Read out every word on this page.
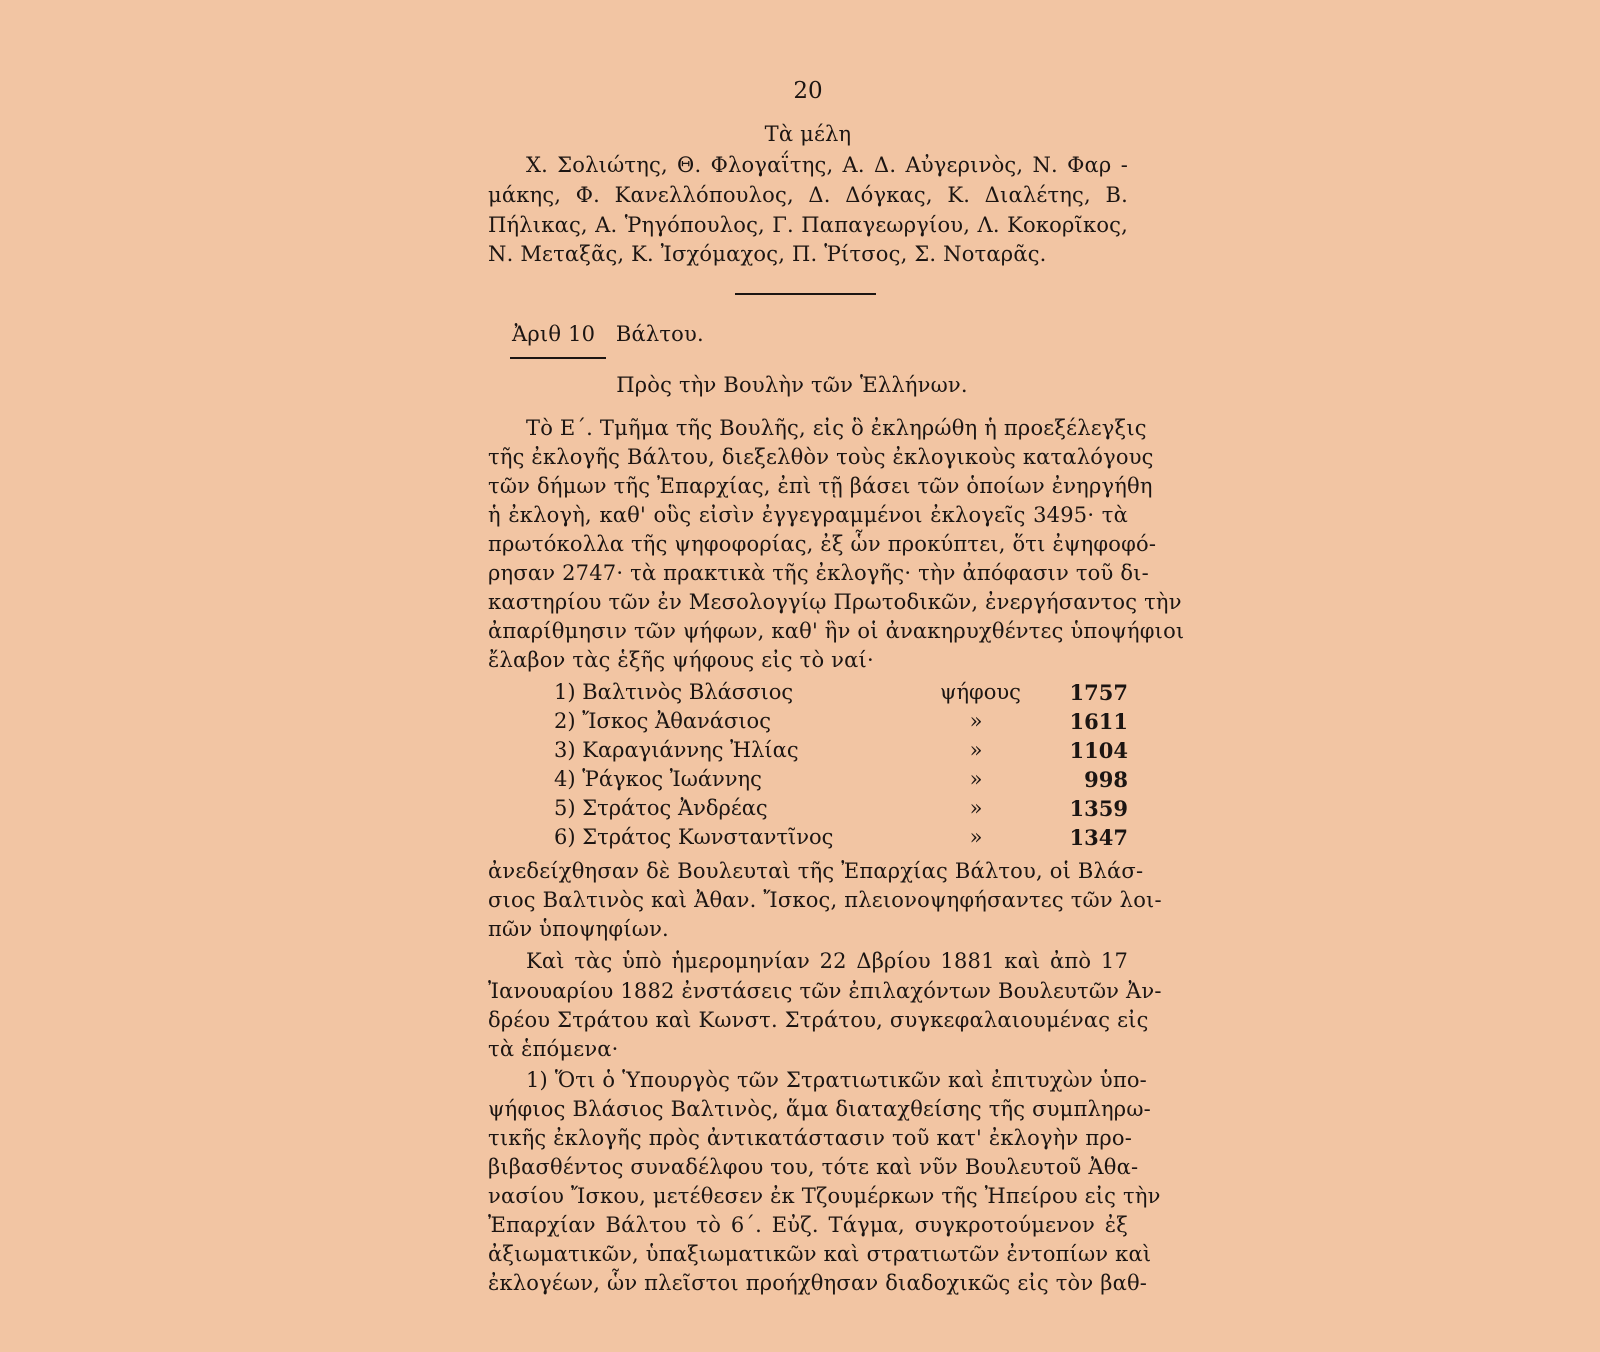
20
Τὰ μέλη
Χ. Σολιώτης, Θ. Φλογαΐτης, Α. Δ. Αὐγερινὸς, Ν. Φαρ -
μάκης, Φ. Κανελλόπουλος, Δ. Δόγκας, Κ. Διαλέτης, Β.
Πήλικας, Α. Ῥηγόπουλος, Γ. Παπαγεωργίου, Λ. Κοκορῖκος,
Ν. Μεταξᾶς, Κ. Ἰσχόμαχος, Π. Ῥίτσος, Σ. Νοταρᾶς.
Ἀριθ 10 Βάλτου.
Πρὸς τὴν Βουλὴν τῶν Ἑλλήνων.
Τὸ Ε΄. Τμῆμα τῆς Βουλῆς, εἰς ὃ ἐκληρώθη ἡ προεξέλεγξις
τῆς ἐκλογῆς Βάλτου, διεξελθὸν τοὺς ἐκλογικοὺς καταλόγους
τῶν δήμων τῆς Ἐπαρχίας, ἐπὶ τῇ βάσει τῶν ὁποίων ἐνηργήθη
ἡ ἐκλογὴ, καθ' οὓς εἰσὶν ἐγγεγραμμένοι ἐκλογεῖς 3495· τὰ
πρωτόκολλα τῆς ψηφοφορίας, ἐξ ὧν προκύπτει, ὅτι ἐψηφοφό-
ρησαν 2747· τὰ πρακτικὰ τῆς ἐκλογῆς· τὴν ἀπόφασιν τοῦ δι-
καστηρίου τῶν ἐν Μεσολογγίῳ Πρωτοδικῶν, ἐνεργήσαντος τὴν
ἀπαρίθμησιν τῶν ψήφων, καθ' ἣν οἱ ἀνακηρυχθέντες ὑποψήφιοι
ἔλαβον τὰς ἑξῆς ψήφους εἰς τὸ ναί·
1) Βαλτινὸς Βλάσσιος	ψήφους 1757
2) Ἴσκος Ἀθανάσιος	»	1611
3) Καραγιάννης Ἠλίας	»	1104
4) Ῥάγκος Ἰωάννης	»	998
5) Στράτος Ἀνδρέας	»	1359
6) Στράτος Κωνσταντῖνος	»	1347
ἀνεδείχθησαν δὲ Βουλευταὶ τῆς Ἐπαρχίας Βάλτου, οἱ Βλάσ-
σιος Βαλτινὸς καὶ Ἀθαν. Ἴσκος, πλειονοψηφήσαντες τῶν λοι-
πῶν ὑποψηφίων.
Καὶ τὰς ὑπὸ ἡμερομηνίαν 22 Δβρίου 1881 καὶ ἀπὸ 17
Ἰανουαρίου 1882 ἐνστάσεις τῶν ἐπιλαχόντων Βουλευτῶν Ἀν-
δρέου Στράτου καὶ Κωνστ. Στράτου, συγκεφαλαιουμένας εἰς
τὰ ἑπόμενα·
1) Ὅτι ὁ Ὑπουργὸς τῶν Στρατιωτικῶν καὶ ἐπιτυχὼν ὑπο-
ψήφιος Βλάσιος Βαλτινὸς, ἅμα διαταχθείσης τῆς συμπληρω-
τικῆς ἐκλογῆς πρὸς ἀντικατάστασιν τοῦ κατ' ἐκλογὴν προ-
βιβασθέντος συναδέλφου του, τότε καὶ νῦν Βουλευτοῦ Ἀθα-
νασίου Ἴσκου, μετέθεσεν ἐκ Τζουμέρκων τῆς Ἠπείρου εἰς τὴν
Ἐπαρχίαν Βάλτου τὸ 6΄. Εὐζ. Τάγμα, συγκροτούμενον ἐξ
ἀξιωματικῶν, ὑπαξιωματικῶν καὶ στρατιωτῶν ἐντοπίων καὶ
ἐκλογέων, ὧν πλεῖστοι προήχθησαν διαδοχικῶς εἰς τὸν βαθ-
